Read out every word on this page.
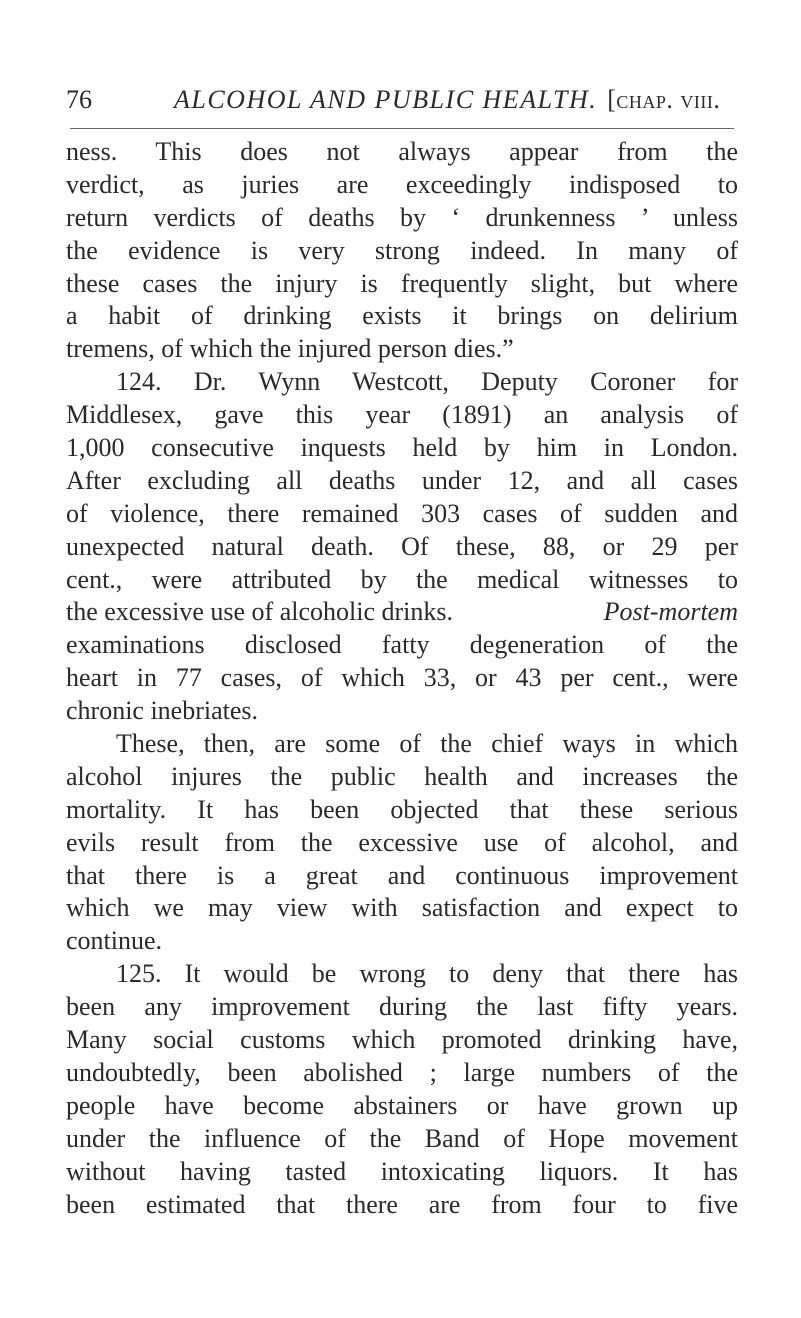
76	ALCOHOL AND PUBLIC HEALTH. [chap. viii.
ness. This does not always appear from the
verdict, as juries are exceedingly indisposed to
return verdicts of deaths by ‘ drunkenness ’ unless
the evidence is very strong indeed. In many of
these cases the injury is frequently slight, but where
a habit of drinking exists it brings on delirium
tremens, of which the injured person dies.”
124. Dr. Wynn Westcott, Deputy Coroner for
Middlesex, gave this year (1891) an analysis of
1,000 consecutive inquests held by him in London.
After excluding all deaths under 12, and all cases
of violence, there remained 303 cases of sudden and
unexpected natural death. Of these, 88, or 29 per
cent., were attributed by the medical witnesses to
the excessive use of alcoholic drinks.	Post-mortem
examinations disclosed fatty degeneration of the
heart in 77 cases, of which 33, or 43 per cent., were
chronic inebriates.
These, then, are some of the chief ways in which
alcohol injures the public health and increases the
mortality. It has been objected that these serious
evils result from the excessive use of alcohol, and
that there is a great and continuous improvement
which we may view with satisfaction and expect to
continue.
125. It would be wrong to deny that there has
been any improvement during the last fifty years.
Many social customs which promoted drinking have,
undoubtedly, been abolished ; large numbers of the
people have become abstainers or have grown up
under the influence of the Band of Hope movement
without having tasted intoxicating liquors. It has
been estimated that there are from four to five
